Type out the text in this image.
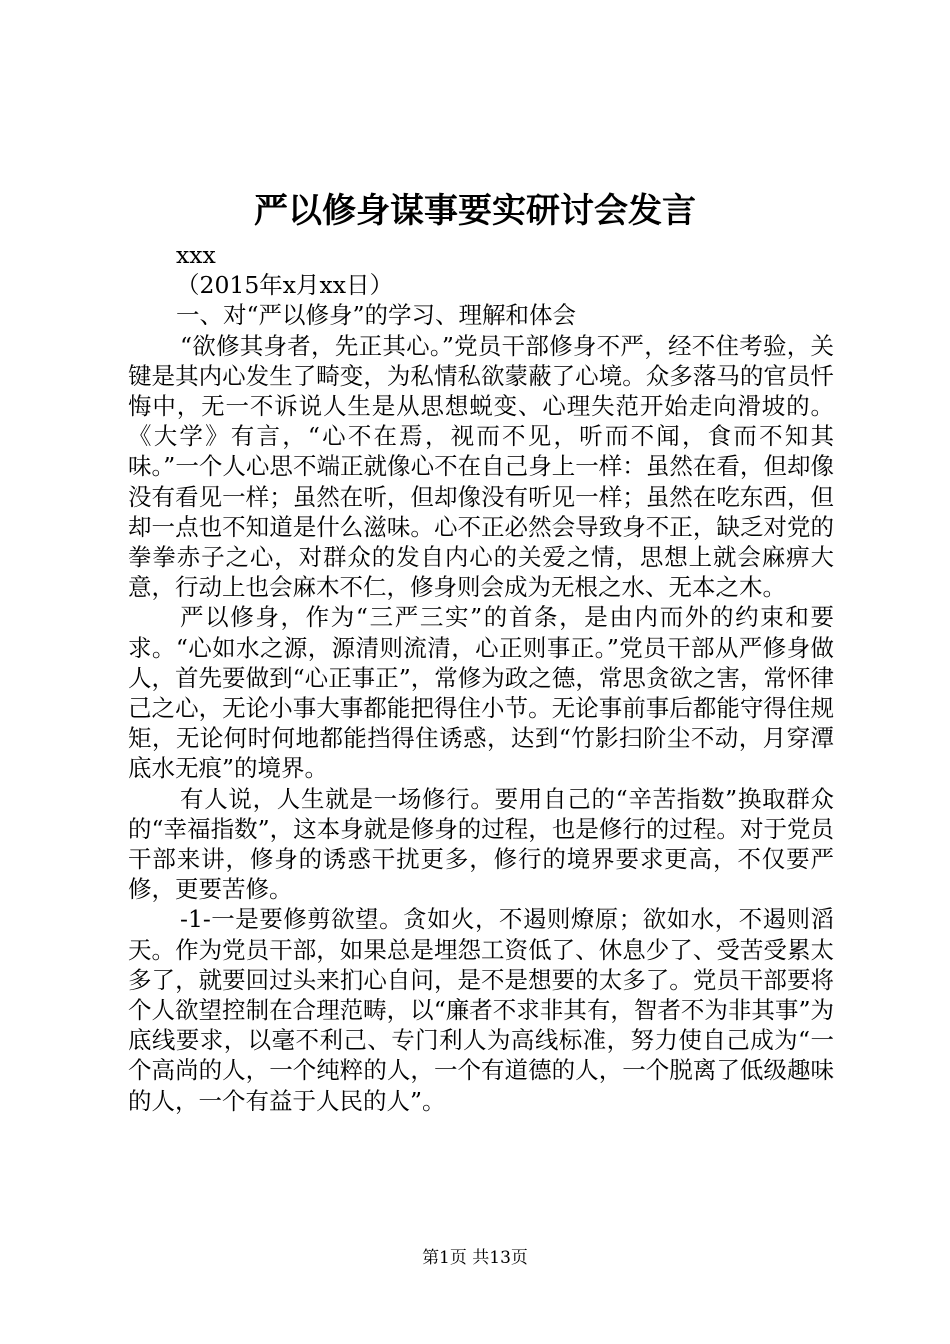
严以修身谋事要实研讨会发言

xxx

（2015年x月xx日）

一、对“严以修身”的学习、理解和体会

“欲修其身者，先正其心。”党员干部修身不严，经不住考验，关键是其内心发生了畸变，为私情私欲蒙蔽了心境。众多落马的官员忏悔中，无一不诉说人生是从思想蜕变、心理失范开始走向滑坡的。《大学》有言，“心不在焉，视而不见，听而不闻，食而不知其味。”一个人心思不端正就像心不在自己身上一样：虽然在看，但却像没有看见一样；虽然在听，但却像没有听见一样；虽然在吃东西，但却一点也不知道是什么滋味。心不正必然会导致身不正，缺乏对党的拳拳赤子之心，对群众的发自内心的关爱之情，思想上就会麻痹大意，行动上也会麻木不仁，修身则会成为无根之水、无本之木。

严以修身，作为“三严三实”的首条，是由内而外的约束和要求。“心如水之源，源清则流清，心正则事正。”党员干部从严修身做人，首先要做到“心正事正”，常修为政之德，常思贪欲之害，常怀律己之心，无论小事大事都能把得住小节。无论事前事后都能守得住规矩，无论何时何地都能挡得住诱惑，达到“竹影扫阶尘不动，月穿潭底水无痕”的境界。

有人说，人生就是一场修行。要用自己的“辛苦指数”换取群众的“幸福指数”，这本身就是修身的过程，也是修行的过程。对于党员干部来讲，修身的诱惑干扰更多，修行的境界要求更高，不仅要严修，更要苦修。

-1-一是要修剪欲望。贪如火，不遏则燎原；欲如水，不遏则滔天。作为党员干部，如果总是埋怨工资低了、休息少了、受苦受累太多了，就要回过头来扪心自问，是不是想要的太多了。党员干部要将个人欲望控制在合理范畴，以“廉者不求非其有，智者不为非其事”为底线要求，以毫不利己、专门利人为高线标准，努力使自己成为“一个高尚的人，一个纯粹的人，一个有道德的人，一个脱离了低级趣味的人，一个有益于人民的人”。

第1页 共13页
